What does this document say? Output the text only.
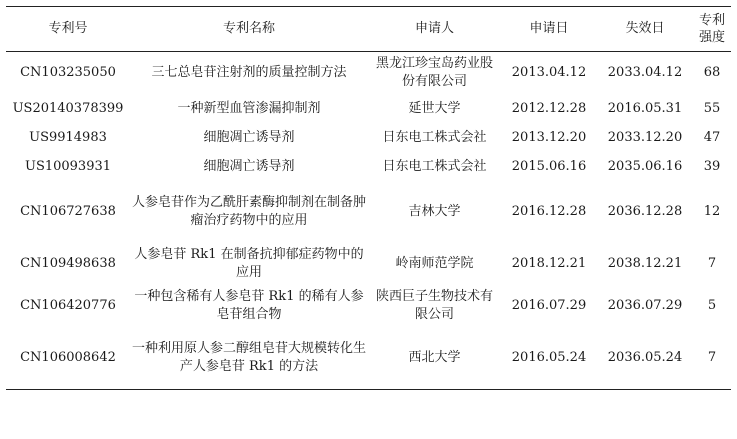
专利号	专利名称	申请人	申请日	失效日	专利
强度

CN103235050	三七总皂苷注射剂的质量控制方法	黑龙江珍宝岛药业股份有限公司	2013.04.12	2033.04.12	68
US20140378399	一种新型血管渗漏抑制剂	延世大学	2012.12.28	2016.05.31	55
US9914983	细胞凋亡诱导剂	日东电工株式会社	2013.12.20	2033.12.20	47
US10093931	细胞凋亡诱导剂	日东电工株式会社	2015.06.16	2035.06.16	39
CN106727638	人参皂苷作为乙酰肝素酶抑制剂在制备肿瘤治疗药物中的应用	吉林大学	2016.12.28	2036.12.28	12
CN109498638	人参皂苷 Rk1 在制备抗抑郁症药物中的应用	岭南师范学院	2018.12.21	2038.12.21	7
CN106420776	一种包含稀有人参皂苷 Rk1 的稀有人参皂苷组合物	陕西巨子生物技术有限公司	2016.07.29	2036.07.29	5
CN106008642	一种利用原人参二醇组皂苷大规模转化生产人参皂苷 Rk1 的方法	西北大学	2016.05.24	2036.05.24	7
